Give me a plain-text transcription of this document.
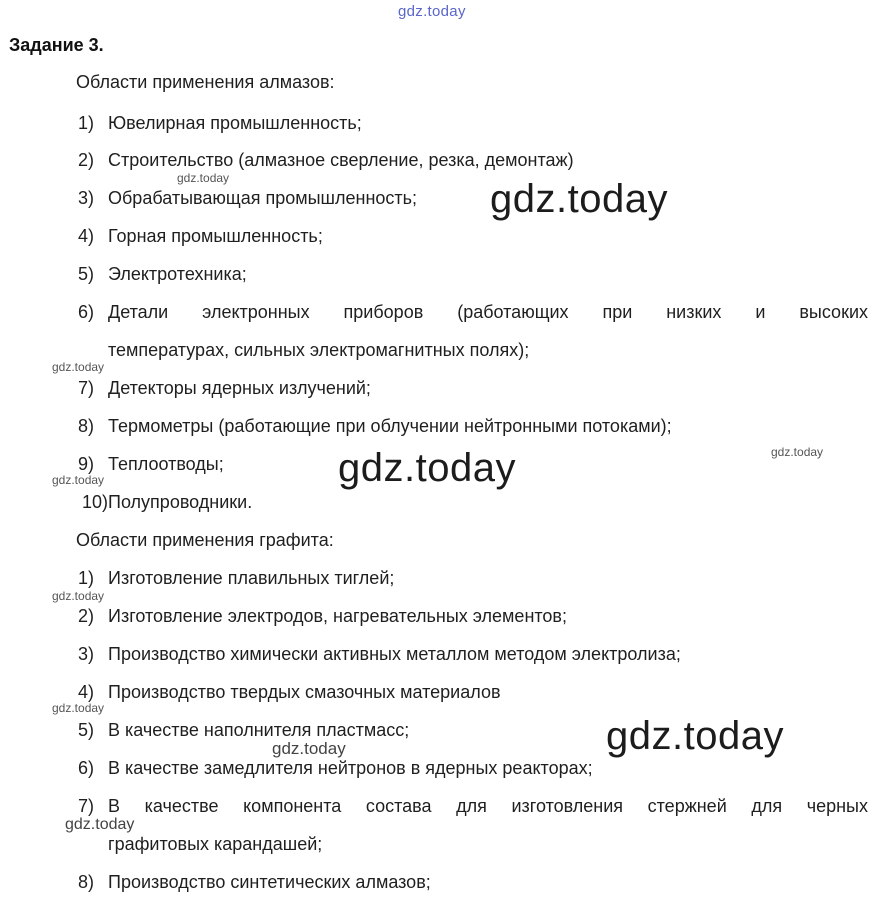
gdz.today
Задание 3.
Области применения алмазов:
1) Ювелирная промышленность;
2) Строительство (алмазное сверление, резка, демонтаж)
3) Обрабатывающая промышленность;
4) Горная промышленность;
5) Электротехника;
6) Детали электронных приборов (работающих при низких и высоких
температурах, сильных электромагнитных полях);
7) Детекторы ядерных излучений;
8) Термометры (работающие при облучении нейтронными потоками);
9) Теплоотводы;
10) Полупроводники.
Области применения графита:
1) Изготовление плавильных тиглей;
2) Изготовление электродов, нагревательных элементов;
3) Производство химически активных металлом методом электролиза;
4) Производство твердых смазочных материалов
5) В качестве наполнителя пластмасс;
6) В качестве замедлителя нейтронов в ядерных реакторах;
7) В качестве компонента состава для изготовления стержней для черных
графитовых карандашей;
8) Производство синтетических алмазов;
gdz.today	gdz.today
gdz.today
gdz.today
gdz.today
gdz.today
gdz.today
gdz.today
gdz.today
gdz.today
gdz.today
